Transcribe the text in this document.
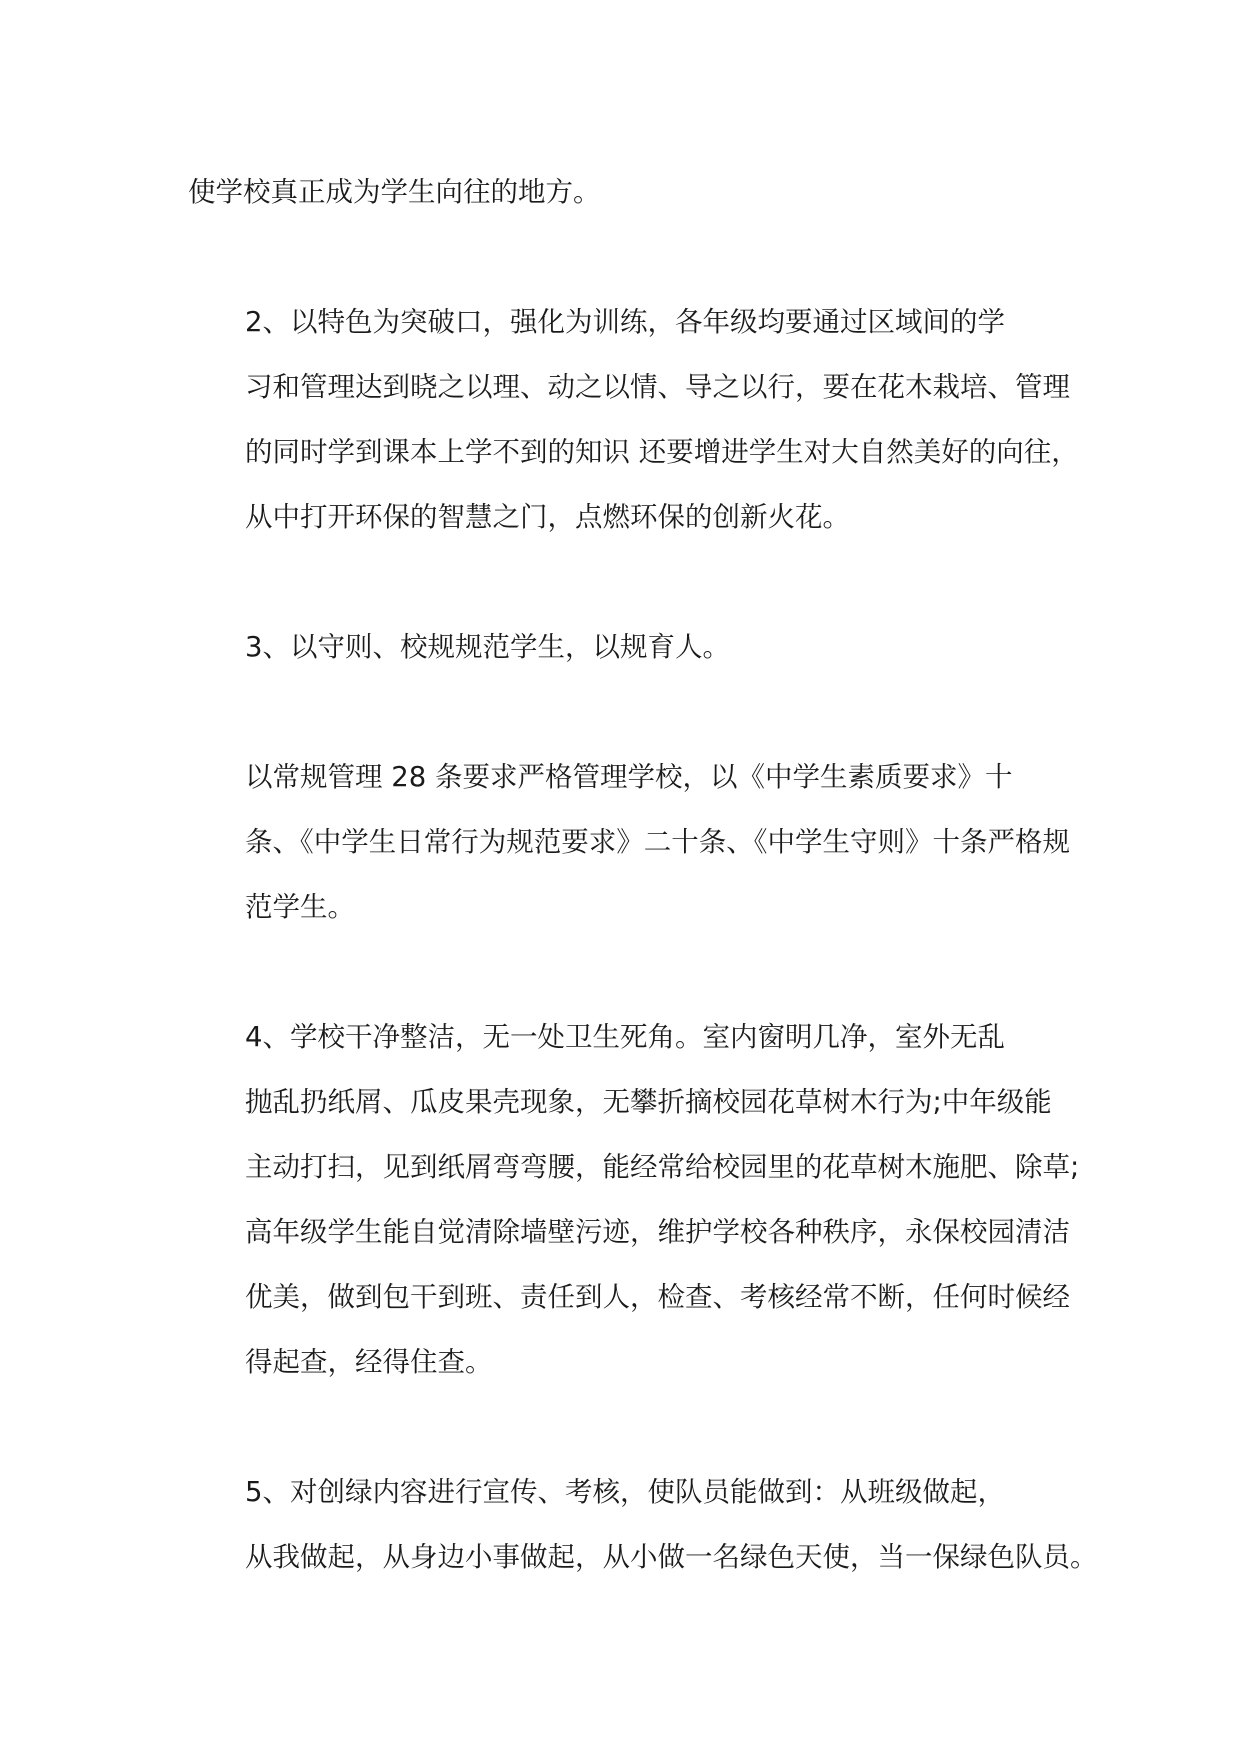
使学校真正成为学生向往的地方。

2、以特色为突破口，强化为训练，各年级均要通过区域间的学
习和管理达到晓之以理、动之以情、导之以行，要在花木栽培、管理
的同时学到课本上学不到的知识 还要增进学生对大自然美好的向往，
从中打开环保的智慧之门，点燃环保的创新火花。

3、以守则、校规规范学生，以规育人。

以常规管理 28 条要求严格管理学校，以《中学生素质要求》十
条、《中学生日常行为规范要求》二十条、《中学生守则》十条严格规
范学生。

4、学校干净整洁，无一处卫生死角。室内窗明几净，室外无乱
抛乱扔纸屑、瓜皮果壳现象，无攀折摘校园花草树木行为;中年级能
主动打扫，见到纸屑弯弯腰，能经常给校园里的花草树木施肥、除草;
高年级学生能自觉清除墙壁污迹，维护学校各种秩序，永保校园清洁
优美，做到包干到班、责任到人，检查、考核经常不断，任何时候经
得起查，经得住查。

5、对创绿内容进行宣传、考核，使队员能做到：从班级做起，
从我做起，从身边小事做起，从小做一名绿色天使，当一保绿色队员。
